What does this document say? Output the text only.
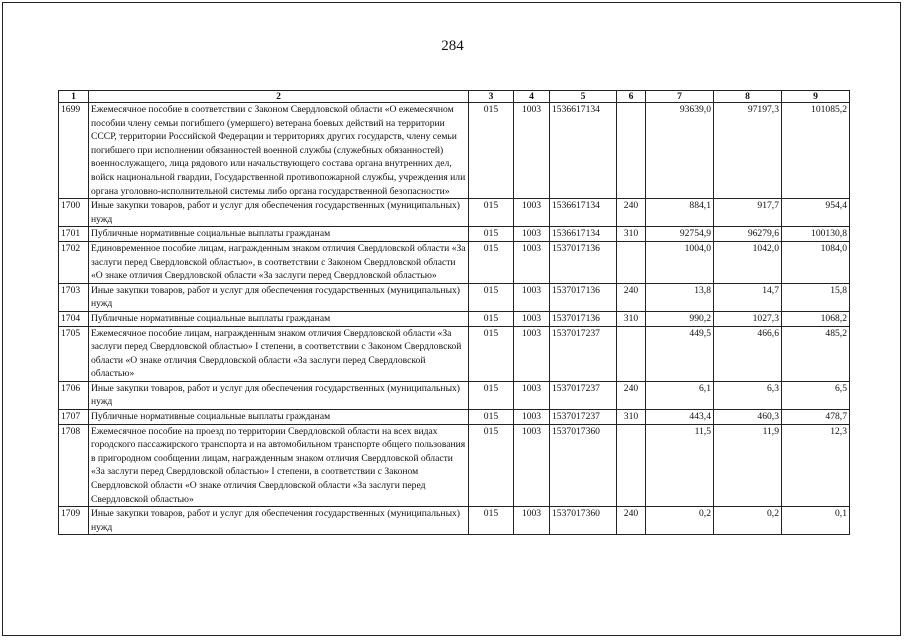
284
1	2	3	4	5	6	7	8	9
1699	Ежемесячное пособие в соответствии с Законом Свердловской области «О ежемесячном пособии члену семьи погибшего (умершего) ветерана боевых действий на территории СССР, территории Российской Федерации и территориях других государств, члену семьи погибшего при исполнении обязанностей военной службы (служебных обязанностей) военнослужащего, лица рядового или начальствующего состава органа внутренних дел, войск национальной гвардии, Государственной противопожарной службы, учреждения или органа уголовно-исполнительной системы либо органа государственной безопасности»	015	1003	1536617134		93639,0	97197,3	101085,2
1700	Иные закупки товаров, работ и услуг для обеспечения государственных (муниципальных) нужд	015	1003	1536617134	240	884,1	917,7	954,4
1701	Публичные нормативные социальные выплаты гражданам	015	1003	1536617134	310	92754,9	96279,6	100130,8
1702	Единовременное пособие лицам, награжденным знаком отличия Свердловской области «За заслуги перед Свердловской областью», в соответствии с Законом Свердловской области «О знаке отличия Свердловской области «За заслуги перед Свердловской областью»	015	1003	1537017136		1004,0	1042,0	1084,0
1703	Иные закупки товаров, работ и услуг для обеспечения государственных (муниципальных) нужд	015	1003	1537017136	240	13,8	14,7	15,8
1704	Публичные нормативные социальные выплаты гражданам	015	1003	1537017136	310	990,2	1027,3	1068,2
1705	Ежемесячное пособие лицам, награжденным знаком отличия Свердловской области «За заслуги перед Свердловской областью» I степени, в соответствии с Законом Свердловской области «О знаке отличия Свердловской области «За заслуги перед Свердловской областью»	015	1003	1537017237		449,5	466,6	485,2
1706	Иные закупки товаров, работ и услуг для обеспечения государственных (муниципальных) нужд	015	1003	1537017237	240	6,1	6,3	6,5
1707	Публичные нормативные социальные выплаты гражданам	015	1003	1537017237	310	443,4	460,3	478,7
1708	Ежемесячное пособие на проезд по территории Свердловской области на всех видах городского пассажирского транспорта и на автомобильном транспорте общего пользования в пригородном сообщении лицам, награжденным знаком отличия Свердловской области «За заслуги перед Свердловской областью» I степени, в соответствии с Законом Свердловской области «О знаке отличия Свердловской области «За заслуги перед Свердловской областью»	015	1003	1537017360		11,5	11,9	12,3
1709	Иные закупки товаров, работ и услуг для обеспечения государственных (муниципальных) нужд	015	1003	1537017360	240	0,2	0,2	0,1
